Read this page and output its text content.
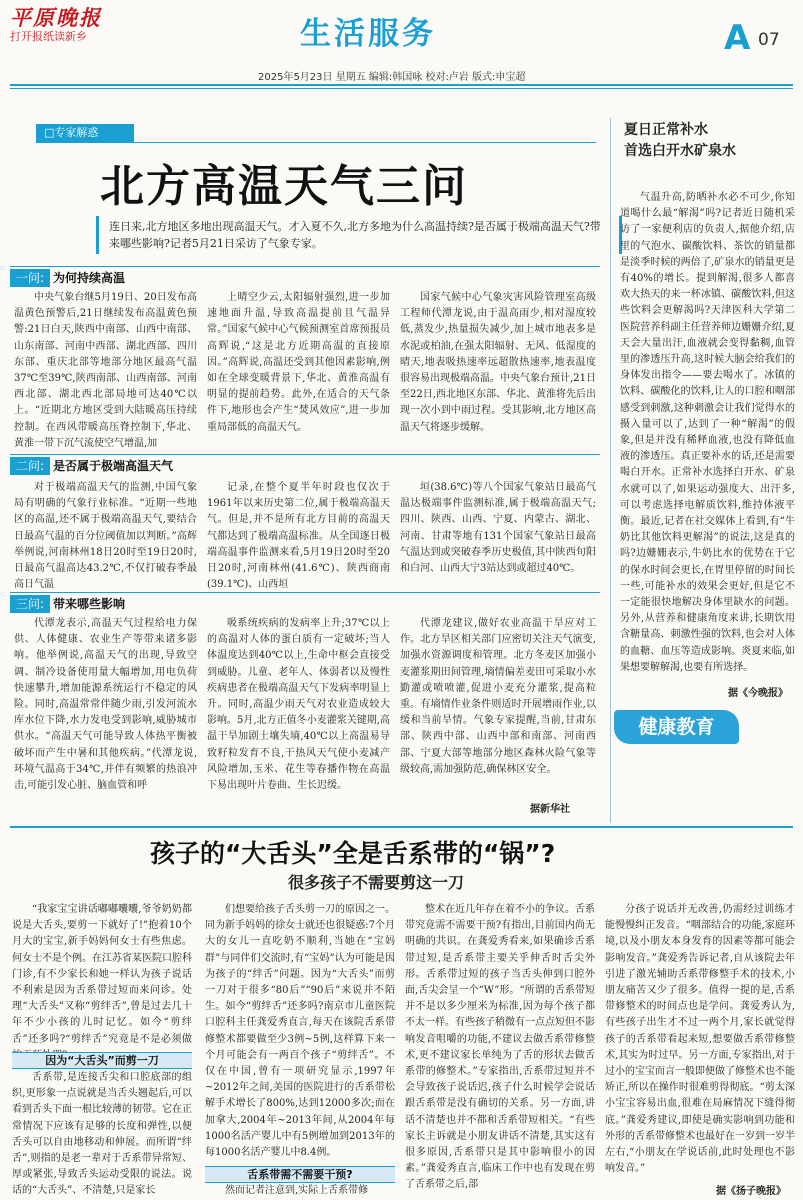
平原晚报
打开报纸读新乡	生活服务	A 07
2025年5月23日 星期五 编辑:韩国咏 校对:卢岩 版式:申宝超
□专家解惑
北方高温天气三问
连日来,北方地区多地出现高温天气。才入夏不久,北方多地为什么高温持续?是否属于极端高温天气?带来哪些影响?记者5月21日采访了气象专家。
一问: 为何持续高温
中央气象台继5月19日、20日发布高温黄色预警后,21日继续发布高温黄色预警:21日白天,陕西中南部、山西中南部、山东南部、河南中西部、湖北西部、四川东部、重庆北部等地部分地区最高气温37℃至39℃,陕西南部、山西南部、河南西北部、湖北西北部局地可达40℃以上。“近期北方地区受到大陆暖高压持续控制。在西风带暖高压脊控制下,华北、黄淮一带下沉气流使空气增温,加
上晴空少云,太阳辐射强烈,进一步加速地面升温,导致高温提前且气温异常。”国家气候中心气候预测室首席预报员高辉说,“这是北方近期高温的直接原因。”高辉说,高温还受到其他因素影响,例如在全球变暖背景下,华北、黄淮高温有明显的提前趋势。此外,在适合的天气条件下,地形也会产生“焚风效应”,进一步加重局部低的高温天气。
国家气候中心气象灾害风险管理室高级工程师代潭龙说,由于温高雨少,相对湿度较低,蒸发少,热量损失减少,加上城市地表多是水泥或柏油,在强太阳辐射、无风、低湿度的晴天,地表吸热速率远超散热速率,地表温度很容易出现极端高温。中央气象台预计,21日至22日,西北地区东部、华北、黄淮将先后出现一次小到中雨过程。受其影响,北方地区高温天气将逐步缓解。
二问: 是否属于极端高温天气
对于极端高温天气的监测,中国气象局有明确的气象行业标准。“近期一些地区的高温,还不属于极端高温天气,要结合日最高气温的百分位阈值加以判断。”高辉举例说,河南林州18日20时至19日20时,日最高气温高达43.2℃,不仅打破春季最高日气温
记录,在整个夏半年时段也仅次于1961年以来历史第二位,属于极端高温天气。但是,并不是所有北方目前的高温天气都达到了极端高温标准。从全国逐日极端高温事件监测来看,5月19日20时至20日20时,河南林州(41.6℃)、陕西商南(39.1℃)、山西垣
垣(38.6℃)等八个国家气象站日最高气温达极端事件监测标准,属于极端高温天气;四川、陕西、山西、宁夏、内蒙古、湖北、河南、甘肃等地有131个国家气象站日最高气温达到或突破春季历史极值,其中陕西旬阳和白河、山西大宁3站达到或超过40℃。
三问: 带来哪些影响
代潭龙表示,高温天气过程给电力保供、人体健康、农业生产等带来诸多影响。他举例说,高温天气的出现,导致空调、制冷设备使用量大幅增加,用电负荷快速攀升,增加能源系统运行不稳定的风险。同时,高温常常伴随少雨,引发河流水库水位下降,水力发电受到影响,威胁城市供水。“高温天气可能导致人体热平衡被破坏而产生中暑和其他疾病。”代潭龙说,环境气温高于34℃,并伴有频繁的热浪冲击,可能引发心脏、脑血管和呼
吸系统疾病的发病率上升;37℃以上的高温对人体的蛋白质有一定破坏;当人体温度达到40℃以上,生命中枢会直接受到威胁。儿童、老年人、体弱者以及慢性疾病患者在极端高温天气下发病率明显上升。同时,高温少雨天气对农业造成较大影响。5月,北方正值冬小麦灌浆关键期,高温干旱加剧土壤失墒,40℃以上高温易导致籽粒发育不良,干热风天气使小麦减产风险增加,玉米、花生等春播作物在高温下易出现叶片卷曲、生长迟缓。
代潭龙建议,做好农业高温干旱应对工作。北方旱区相关部门应密切关注天气演变,加强水资源调度和管理。北方冬麦区加强小麦灌浆期田间管理,墒情偏差麦田可采取小水勤灌或喷喷灌,促进小麦充分灌浆,提高粒重。有墒情作业条件则适时开展增雨作业,以缓和当前旱情。气象专家提醒,当前,甘肃东部、陕西中部、山西中部和南部、河南西部、宁夏大部等地部分地区森林火险气象等级较高,需加强防范,确保林区安全。
据新华社
夏日正常补水
首选白开水矿泉水
气温升高,防晒补水必不可少,你知道喝什么最“解渴”吗?记者近日随机采访了一家便利店的负责人,据他介绍,店里的气泡水、碳酸饮料、茶饮的销量都是淡季时候的两倍了,矿泉水的销量更是有40%的增长。提到解渴,很多人都喜欢大热天的来一杯冰镇、碳酸饮料,但这些饮料会更解渴吗?天津医科大学第二医院营养科副主任营养师边姗姗介绍,夏天会大量出汗,血液就会变得黏稠,血管里的渗透压升高,这时候大脑会给我们的身体发出指令——要去喝水了。冰镇的饮料、碳酸化的饮料,让人的口腔和咽部感受到刺激,这种刺激会让我们觉得水的摄入量可以了,达到了一种“解渴”的假象,但是并没有稀释血液,也没有降低血液的渗透压。真正要补水的话,还是需要喝白开水。正常补水选择白开水、矿泉水就可以了,如果运动强度大、出汗多,可以考虑选择电解质饮料,维持体液平衡。最近,记者在社交媒体上看到,有“牛奶比其他饮料更解渴”的说法,这是真的吗?边姗姗表示,牛奶比水的优势在于它的保水时间会更长,在胃里停留的时间长一些,可能补水的效果会更好,但是它不一定能很快地解决身体里缺水的问题。另外,从营养和健康角度来讲,长期饮用含糖量高、刺激性强的饮料,也会对人体的血糖、血压等造成影响。炎夏来临,如果想要解解渴,也要有所选择。
据《今晚报》
健康教育
孩子的“大舌头”全是舌系带的“锅”?
很多孩子不需要剪这一刀
“我家宝宝讲话嘟嘟囔囔,爷爷奶奶都说是大舌头,要剪一下就好了!”抱着10个月大的宝宝,新手妈妈何女士有些焦虑。何女士不是个例。在江苏省某医院口腔科门诊,有不少家长和她一样认为孩子说话不利索是因为舌系带过短而来问诊。处理“大舌头”又称“剪绊舌”,曾是过去几十年不少小孩的儿时记忆。如今“剪绊舌”还多吗?“剪绊舌”究竟是不是必须做
因为“大舌头”而剪一刀
舌系带,是连接舌尖和口腔底部的组织,更形象一点说就是当舌头翘起后,可以看到舌头下面一根比较薄的韧带。它在正常情况下应该有足够的长度和弹性,以便舌头可以自由地移动和伸展。而所谓“绊舌”,则指的是老一辈对于舌系带异常短、厚或紧张,导致舌头运动受限的说法。说话的“大舌头”、不清楚,只是家长
们想要给孩子舌头剪一刀的原因之一。同为新手妈妈的徐女士就还也很疑惑:7个月大的女儿一直吃奶不顺利,当她在“宝妈群”与同伴们交流时,有“宝妈”认为可能是因为孩子的“绊舌”问题。因为“大舌头”而剪一刀对于很多“80后”“90后”来说并不陌生。如今“剪绊舌”还多吗?南京市儿童医院口腔科主任龚爱秀直言,每天在该院舌系带修整术都要做至少3例~5例,这样算下来一个月可能会有一两百个孩子“剪绊舌”。不仅在中国,曾有一项研究显示,1997年~2012年之间,美国的医院进行的舌系带松解手术增长了800%,达到12000多次;而在加拿大,2004年~2013年间,从2004年每1000名活产婴儿中有5例增加到2013年的每1000名活产婴儿中8.4例。
舌系带需不需要干预?
然而记者注意到,实际上舌系带修
整术在近几年存在着不小的争议。舌系带究竟需不需要干预?有指出,目前国内尚无明确的共识。在龚爱秀看来,如果确诊舌系带过短,是舌系带主要关乎伸舌时舌尖外形。舌系带过短的孩子当舌头伸到口腔外面,舌尖会呈一个“W”形。“所谓的舌系带短并不是以多少厘米为标准,因为每个孩子都不太一样。有些孩子稍微有一点点短但不影响发音咀嚼的功能,不建议去做舌系带修整术,更不建议家长单纯为了舌的形状去做舌系带的修整术。”专家指出,舌系带过短并不会导致孩子说话迟,孩子什么时候学会说话跟舌系带是没有确切的关系。另一方面,讲话不清楚也并不都和舌系带短相关。“有些家长主诉就是小朋友讲话不清楚,其实这有很多原因,舌系带只是其中影响很小的因素。”龚爱秀直言,临床工作中也有发现在剪了舌系带之后,部
分孩子说话并无改善,仍需经过训练才能慢慢纠正发音。“咽部结合的功能,家庭环境,以及小朋友本身发育的因素等都可能会影响发音。”龚爱秀告诉记者,自从该院去年引进了激光辅助舌系带修整手术的技术,小朋友痛苦又少了很多。值得一提的是,舌系带修整术的时间点也是学问。龚爱秀认为,有些孩子出生才不过一两个月,家长就觉得孩子的舌系带看起来短,想要做舌系带修整术,其实为时过早。另一方面,专家指出,对于过小的宝宝而言一般即便做了修整术也不能矫正,所以在操作时很难剪得彻底。“剪太深小宝宝容易出血,很难在局麻情况下缝得彻底。”龚爱秀建议,即使是确实影响到功能和外形的舌系带修整术也最好在一岁到一岁半左右,“小朋友在学说话前,此时处理也不影响发音。”
据《扬子晚报》
